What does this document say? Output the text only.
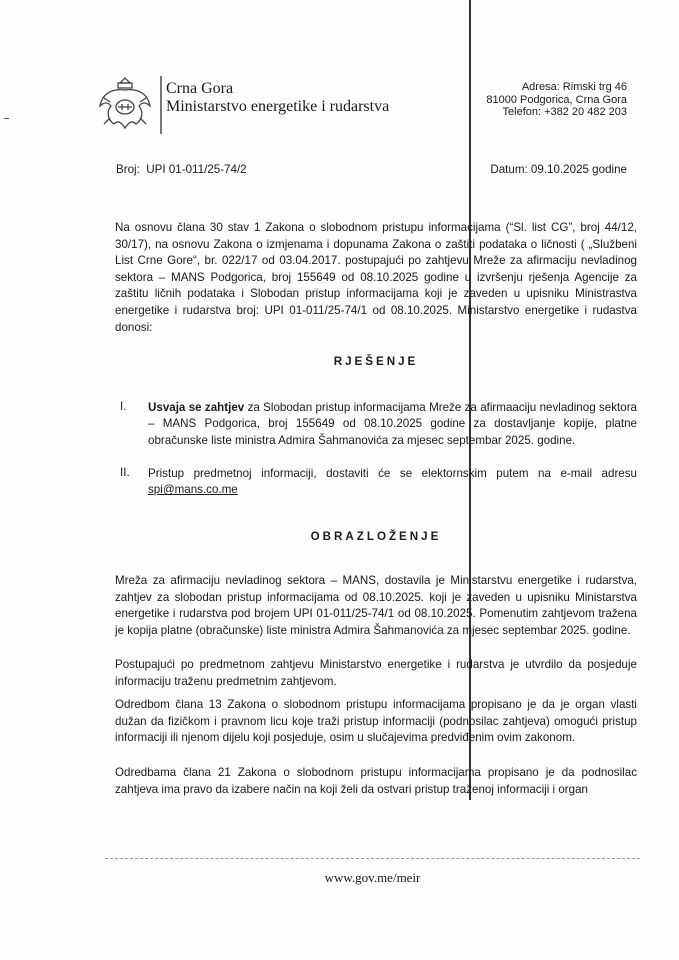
Crna Gora
Ministarstvo energetike i rudarstva
Adresa: Rimski trg 46
81000 Podgorica, Crna Gora
Telefon: +382 20 482 203
Broj:  UPI 01-011/25-74/2	Datum: 09.10.2025 godine
Na osnovu člana 30 stav 1 Zakona o slobodnom pristupu informacijama (“Sl. list CG”, broj 44/12, 30/17), na osnovu Zakona o izmjenama i dopunama Zakona o zaštiti podataka o ličnosti ( „Službeni List Crne Gore“, br. 022/17 od 03.04.2017. postupajući po zahtjevu Mreže za afirmaciju nevladinog sektora – MANS Podgorica, broj 155649 od 08.10.2025 godine u izvršenju rješenja Agencije za zaštitu ličnih podataka i Slobodan pristup informacijama koji je zaveden u upisniku Ministrastva energetike i rudarstva broj: UPI 01-011/25-74/1 od 08.10.2025. Ministarstvo energetike i rudastva donosi:
RJEŠENJE
I. Usvaja se zahtjev za Slobodan pristup informacijama Mreže za afirmaaciju nevladinog sektora – MANS Podgorica, broj 155649 od 08.10.2025 godine za dostavljanje kopije, platne obračunske liste ministra Admira Šahmanovića za mjesec septembar 2025. godine.
II. Pristup predmetnoj informaciji, dostaviti će se elektornskim putem na e-mail adresu spi@mans.co.me
OBRAZLOŽENJE
Mreža za afirmaciju nevladinog sektora – MANS, dostavila je Ministarstvu energetike i rudarstva, zahtjev za slobodan pristup informacijama od 08.10.2025. koji je zaveden u upisniku Ministarstva energetike i rudarstva pod brojem UPI 01-011/25-74/1 od 08.10.2025. Pomenutim zahtjevom tražena je kopija platne (obračunske) liste ministra Admira Šahmanovića za mjesec septembar 2025. godine.
Postupajući po predmetnom zahtjevu Ministarstvo energetike i rudarstva je utvrdilo da posjeduje informaciju traženu predmetnim zahtjevom.
Odredbom člana 13 Zakona o slobodnom pristupu informacijama propisano je da je organ vlasti dužan da fizičkom i pravnom licu koje traži pristup informaciji (podnosilac zahtjeva) omogući pristup informaciji ili njenom dijelu koji posjeduje, osim u slučajevima predviđenim ovim zakonom.
Odredbama člana 21 Zakona o slobodnom pristupu informacijama propisano je da podnosilac zahtjeva ima pravo da izabere način na koji želi da ostvari pristup traženoj informaciji i organ
www.gov.me/meir
